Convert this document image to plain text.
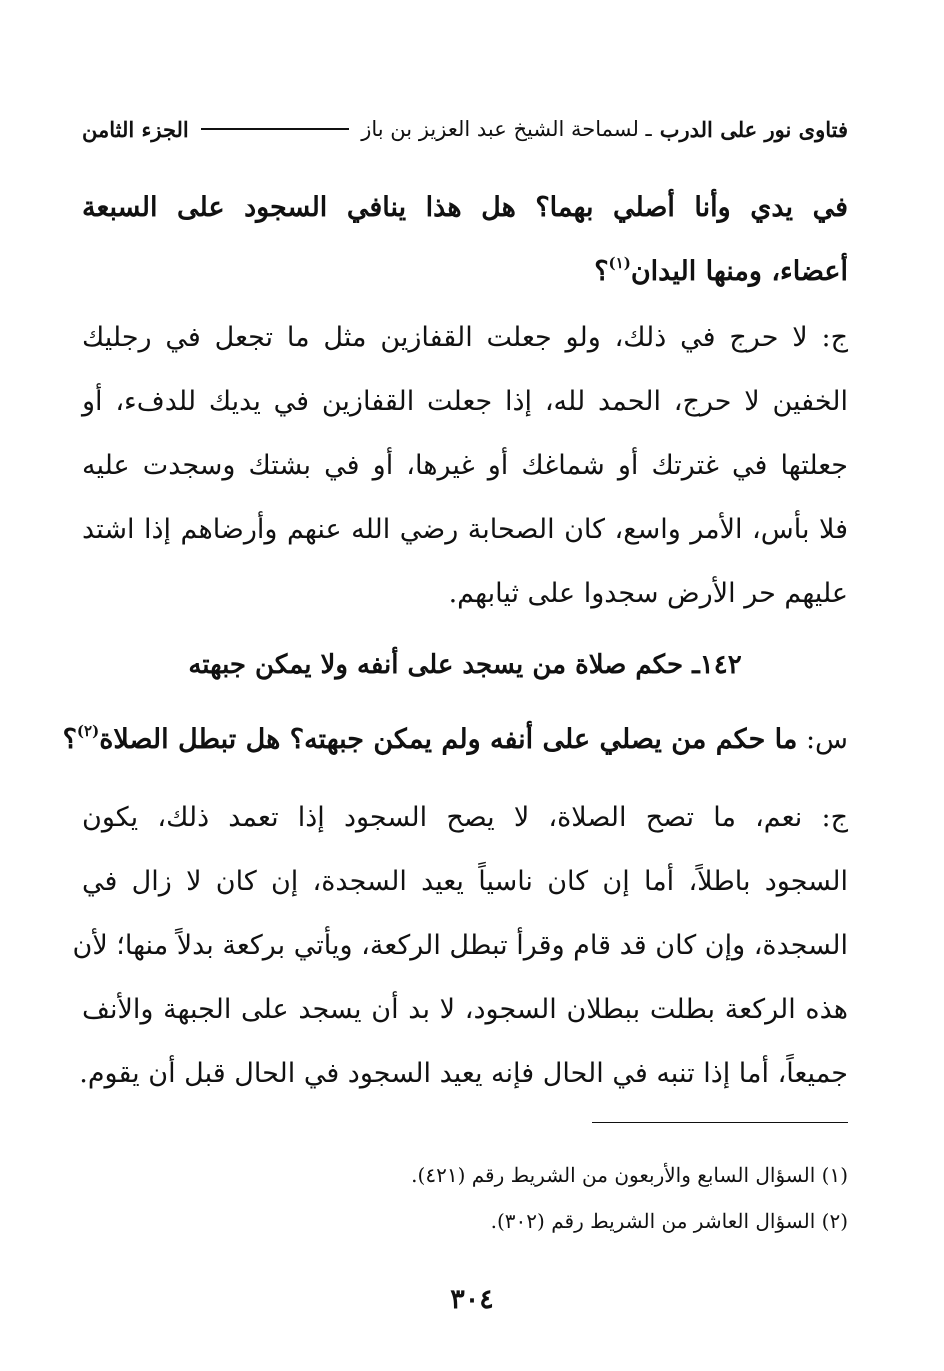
فتاوى نور على الدرب
ـ لسماحة الشيخ عبد العزيز بن باز
الجزء الثامن
في يدي وأنا أصلي بهما؟ هل هذا ينافي السجود على السبعة
أعضاء، ومنها اليدان$^{(١)}$؟
ج: لا حرج في ذلك، ولو جعلت القفازين مثل ما تجعل في رجليك
الخفين لا حرج، الحمد لله، إذا جعلت القفازين في يديك للدفء، أو
جعلتها في غترتك أو شماغك أو غيرها، أو في بشتك وسجدت عليه
فلا بأس، الأمر واسع، كان الصحابة رضي الله عنهم وأرضاهم إذا اشتد
عليهم حر الأرض سجدوا على ثيابهم.
١٤٢ـ حكم صلاة من يسجد على أنفه ولا يمكن جبهته
س: ما حكم من يصلي على أنفه ولم يمكن جبهته؟ هل تبطل الصلاة$^{(٢)}$؟
ج: نعم، ما تصح الصلاة، لا يصح السجود إذا تعمد ذلك، يكون
السجود باطلاً، أما إن كان ناسياً يعيد السجدة، إن كان لا زال في
السجدة، وإن كان قد قام وقرأ تبطل الركعة، ويأتي بركعة بدلاً منها؛ لأن
هذه الركعة بطلت ببطلان السجود، لا بد أن يسجد على الجبهة والأنف
جميعاً، أما إذا تنبه في الحال فإنه يعيد السجود في الحال قبل أن يقوم.
(١) السؤال السابع والأربعون من الشريط رقم (٤٢١).
(٢) السؤال العاشر من الشريط رقم (٣٠٢).
٣٠٤
